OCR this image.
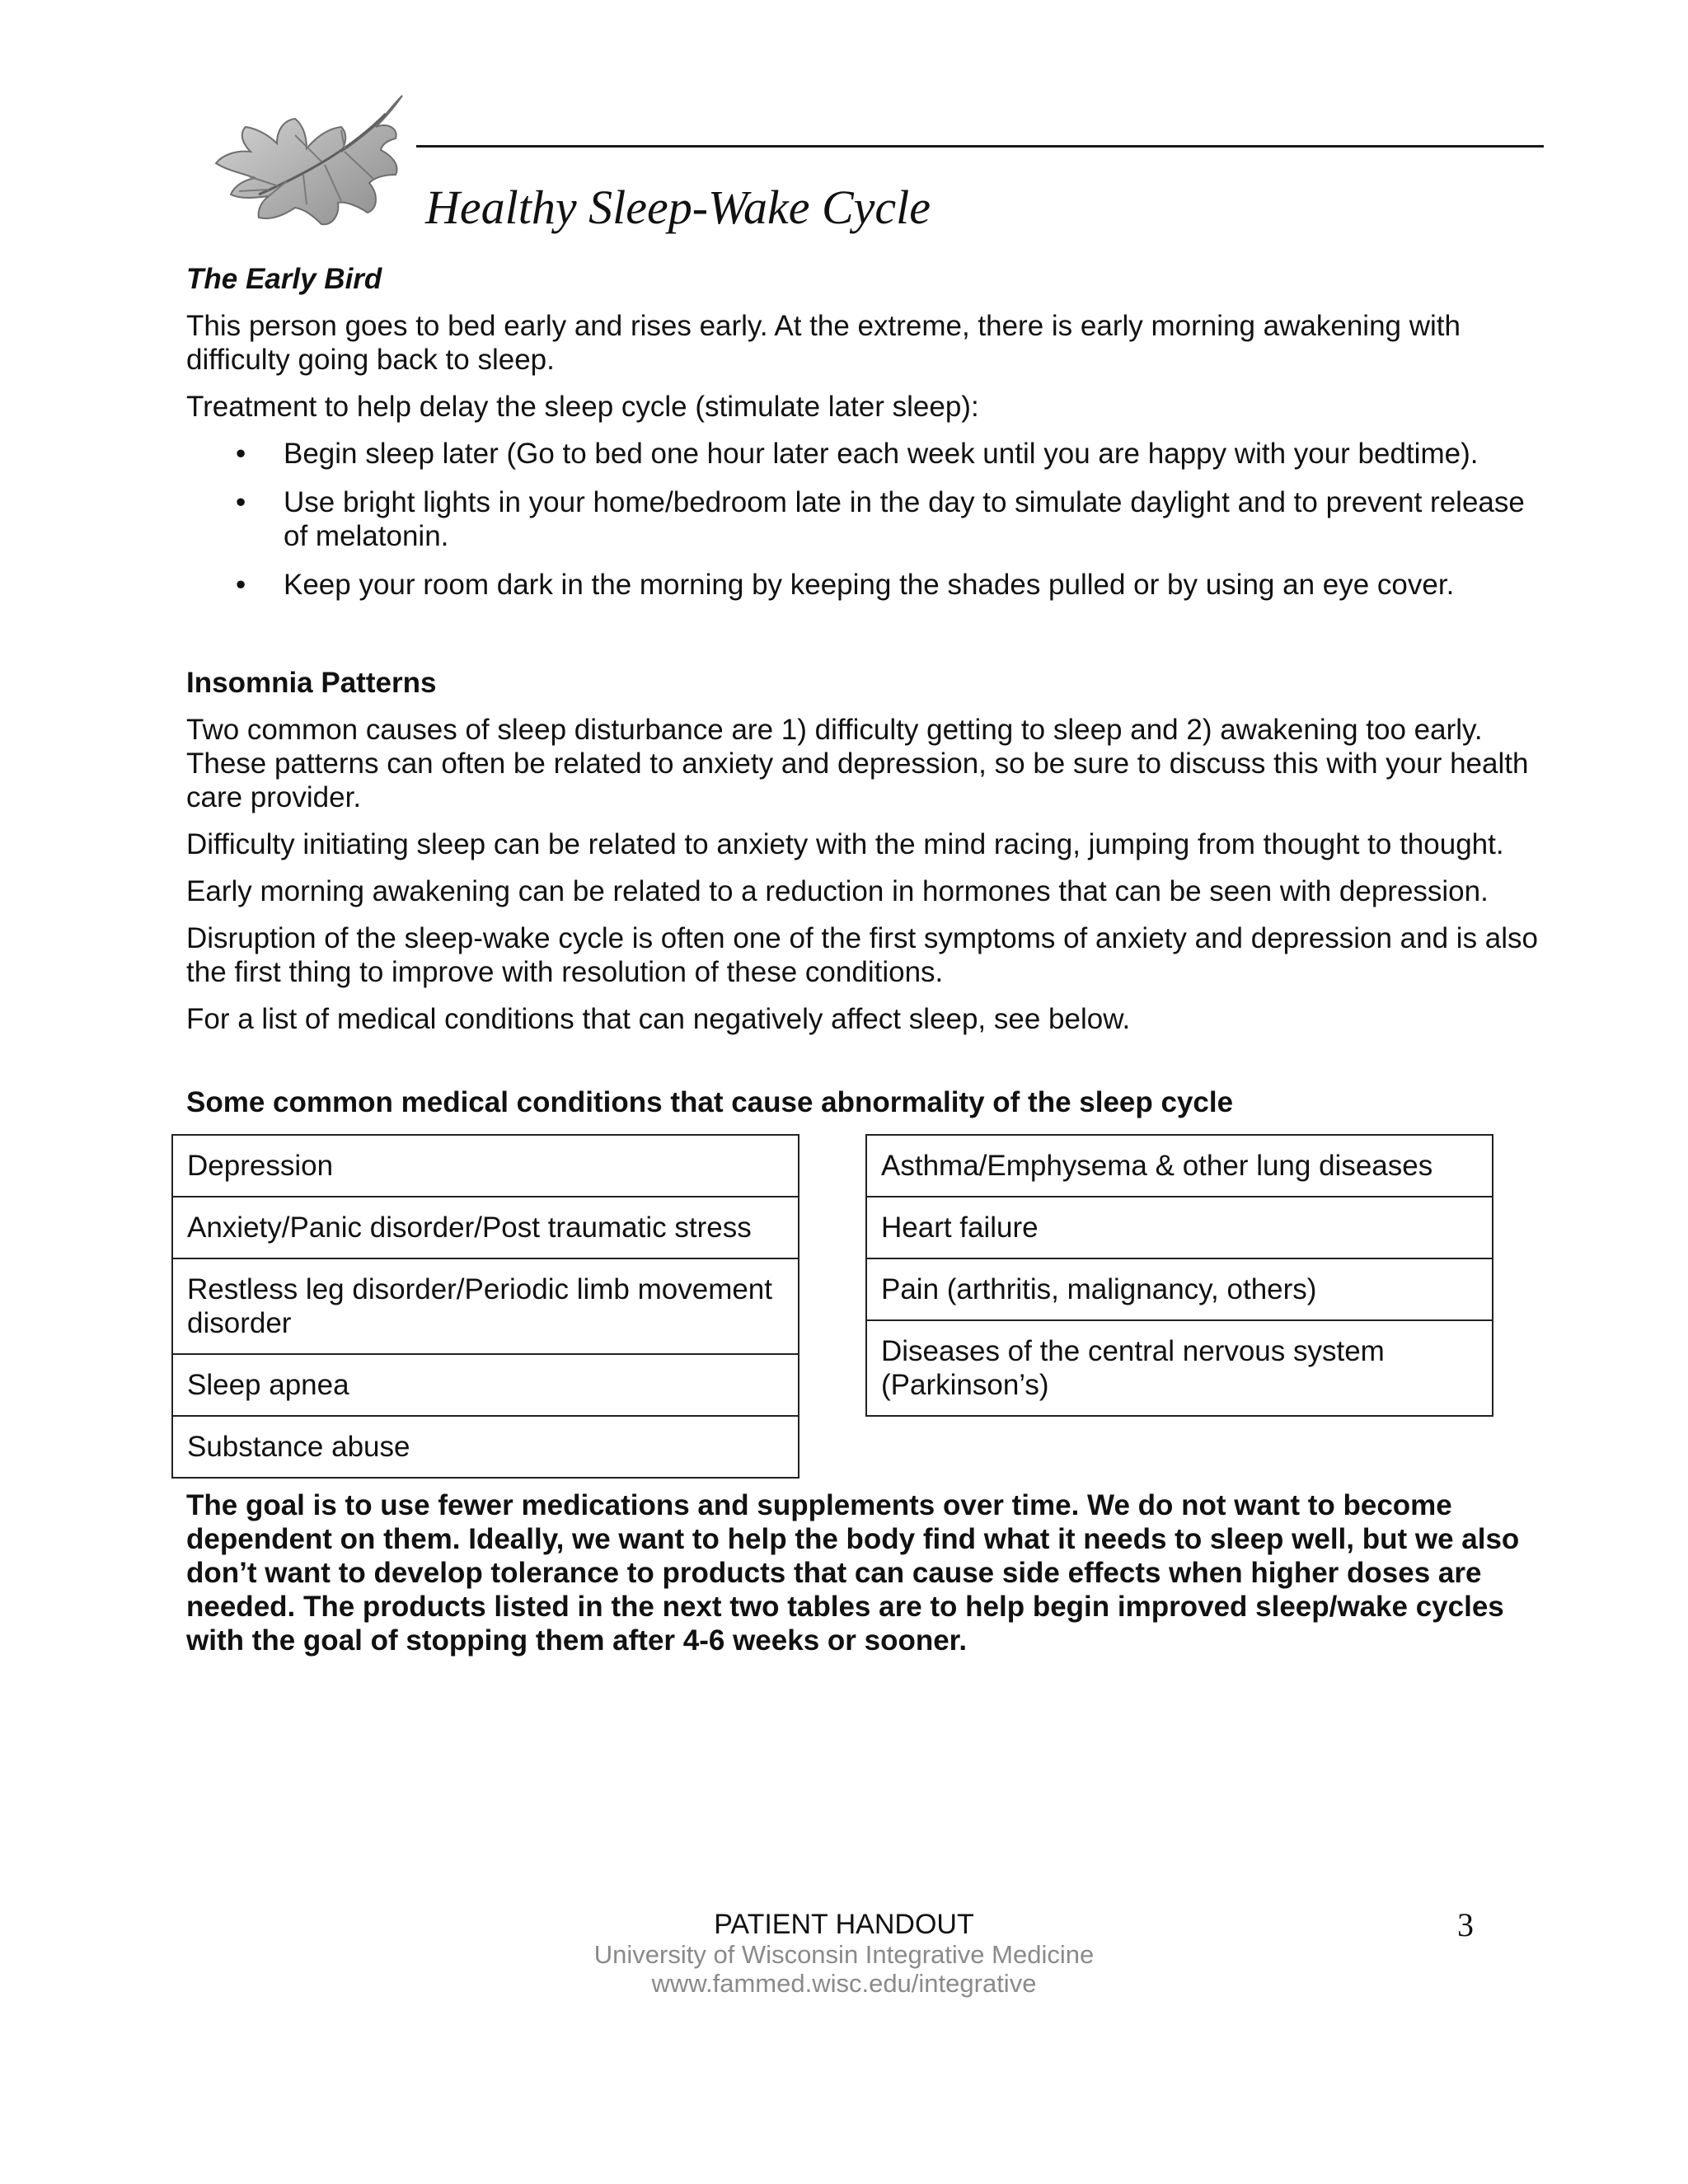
Healthy Sleep-Wake Cycle

The Early Bird

This person goes to bed early and rises early. At the extreme, there is early morning awakening with difficulty going back to sleep.

Treatment to help delay the sleep cycle (stimulate later sleep):

• Begin sleep later (Go to bed one hour later each week until you are happy with your bedtime).
• Use bright lights in your home/bedroom late in the day to simulate daylight and to prevent release of melatonin.
• Keep your room dark in the morning by keeping the shades pulled or by using an eye cover.

Insomnia Patterns

Two common causes of sleep disturbance are 1) difficulty getting to sleep and 2) awakening too early. These patterns can often be related to anxiety and depression, so be sure to discuss this with your health care provider.

Difficulty initiating sleep can be related to anxiety with the mind racing, jumping from thought to thought.

Early morning awakening can be related to a reduction in hormones that can be seen with depression.

Disruption of the sleep-wake cycle is often one of the first symptoms of anxiety and depression and is also the first thing to improve with resolution of these conditions.

For a list of medical conditions that can negatively affect sleep, see below.

Some common medical conditions that cause abnormality of the sleep cycle

Depression
Anxiety/Panic disorder/Post traumatic stress
Restless leg disorder/Periodic limb movement disorder
Sleep apnea
Substance abuse
Asthma/Emphysema & other lung diseases
Heart failure
Pain (arthritis, malignancy, others)
Diseases of the central nervous system (Parkinson’s)

The goal is to use fewer medications and supplements over time. We do not want to become dependent on them. Ideally, we want to help the body find what it needs to sleep well, but we also don’t want to develop tolerance to products that can cause side effects when higher doses are needed. The products listed in the next two tables are to help begin improved sleep/wake cycles with the goal of stopping them after 4-6 weeks or sooner.

PATIENT HANDOUT
University of Wisconsin Integrative Medicine
www.fammed.wisc.edu/integrative
3
